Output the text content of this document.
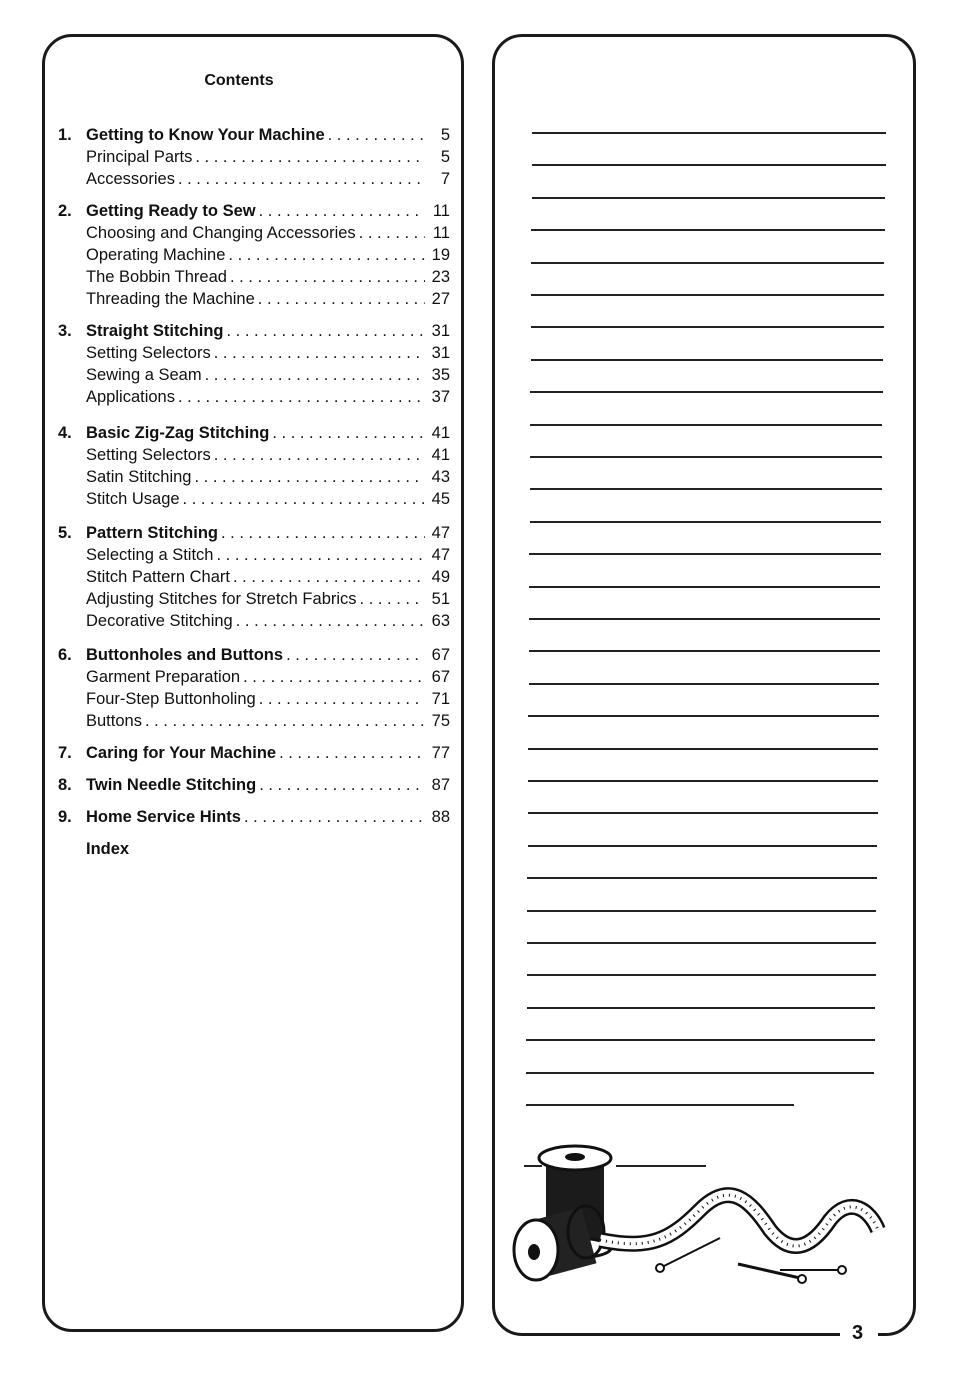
Contents
1. Getting to Know Your Machine . . .	5
Principal Parts . . .	5
Accessories . . .	7
2. Getting Ready to Sew . . .	11
Choosing and Changing Accessories . . .	11
Operating Machine . . .	19
The Bobbin Thread . . .	23
Threading the Machine . . .	27
3. Straight Stitching . . .	31
Setting Selectors . . .	31
Sewing a Seam . . .	35
Applications . . .	37
4. Basic Zig-Zag Stitching . . .	41
Setting Selectors . . .	41
Satin Stitching . . .	43
Stitch Usage . . .	45
5. Pattern Stitching . . .	47
Selecting a Stitch . . .	47
Stitch Pattern Chart . . .	49
Adjusting Stitches for Stretch Fabrics . . .	51
Decorative Stitching . . .	63
6. Buttonholes and Buttons . . .	67
Garment Preparation . . .	67
Four-Step Buttonholing . . .	71
Buttons . . .	75
7. Caring for Your Machine . . .	77
8. Twin Needle Stitching . . .	87
9. Home Service Hints . . .	88
Index
3
